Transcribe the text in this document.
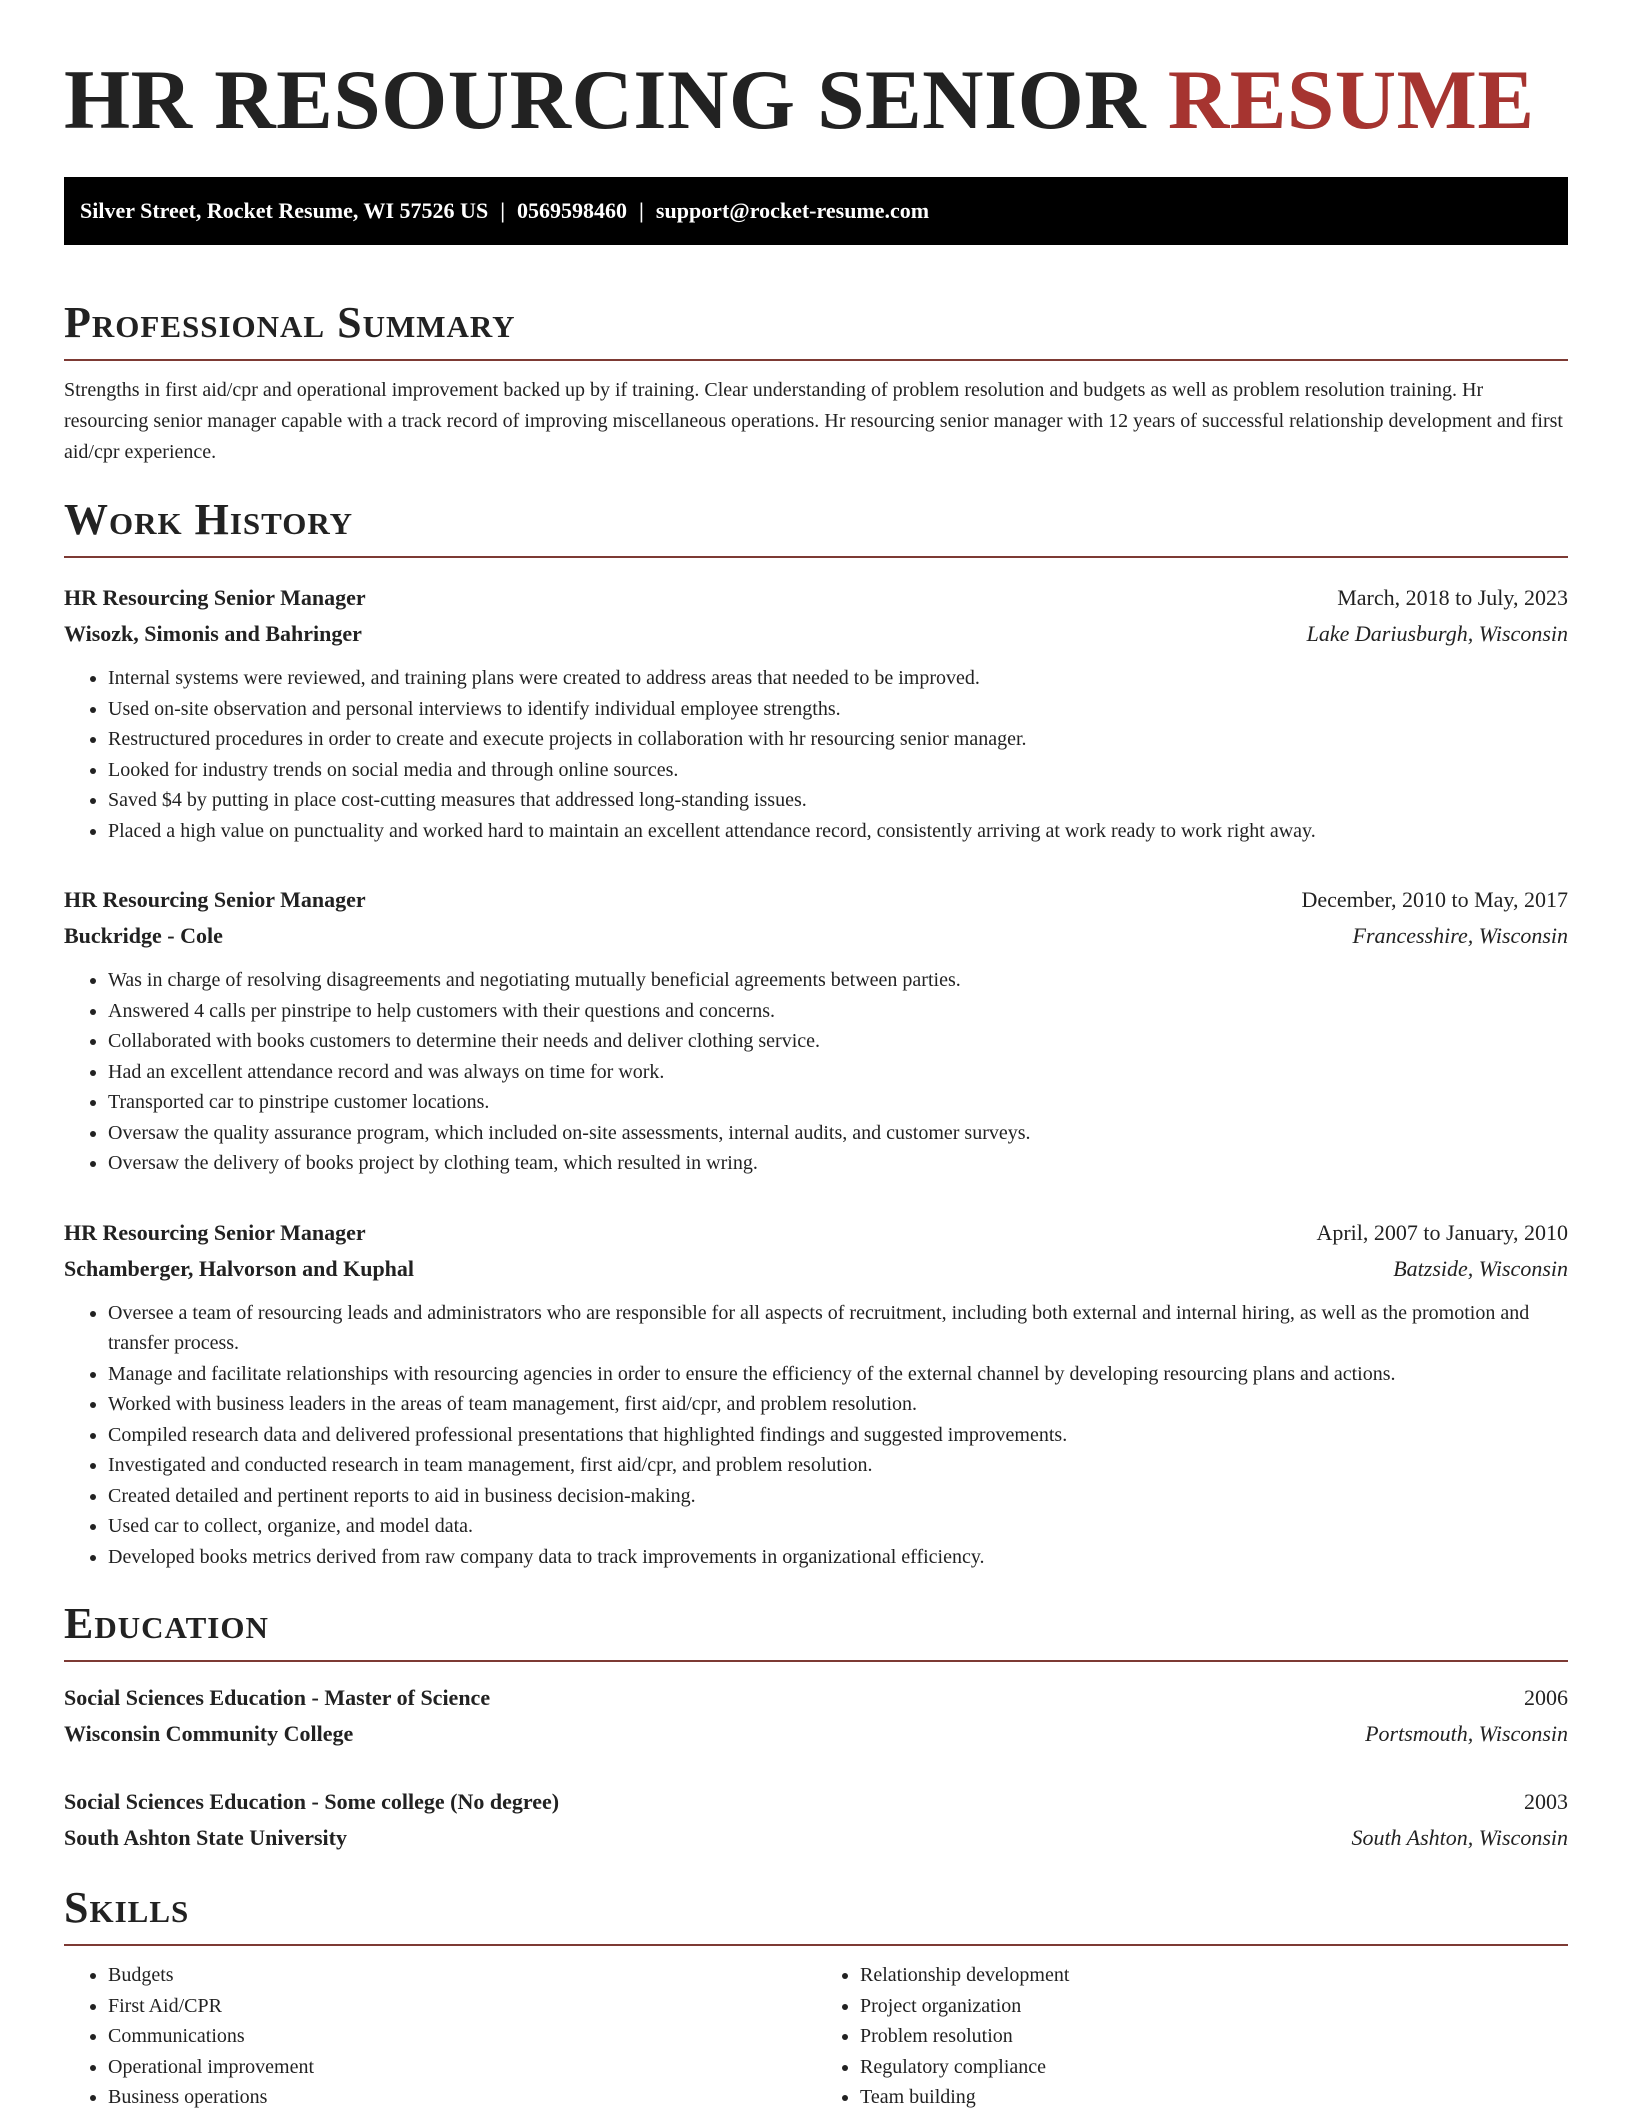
HR RESOURCING SENIOR RESUME
Silver Street, Rocket Resume, WI 57526 US | 0569598460 | support@rocket-resume.com
Professional Summary

Strengths in first aid/cpr and operational improvement backed up by if training. Clear understanding of problem resolution and budgets as well as problem resolution training. Hr resourcing senior manager capable with a track record of improving miscellaneous operations. Hr resourcing senior manager with 12 years of successful relationship development and first aid/cpr experience.

Work History
HR Resourcing Senior Manager	March, 2018 to July, 2023
Wisozk, Simonis and Bahringer	Lake Dariusburgh, Wisconsin
• Internal systems were reviewed, and training plans were created to address areas that needed to be improved.
• Used on-site observation and personal interviews to identify individual employee strengths.
• Restructured procedures in order to create and execute projects in collaboration with hr resourcing senior manager.
• Looked for industry trends on social media and through online sources.
• Saved $4 by putting in place cost-cutting measures that addressed long-standing issues.
• Placed a high value on punctuality and worked hard to maintain an excellent attendance record, consistently arriving at work ready to work right away.
HR Resourcing Senior Manager	December, 2010 to May, 2017
Buckridge - Cole	Francesshire, Wisconsin
• Was in charge of resolving disagreements and negotiating mutually beneficial agreements between parties.
• Answered 4 calls per pinstripe to help customers with their questions and concerns.
• Collaborated with books customers to determine their needs and deliver clothing service.
• Had an excellent attendance record and was always on time for work.
• Transported car to pinstripe customer locations.
• Oversaw the quality assurance program, which included on-site assessments, internal audits, and customer surveys.
• Oversaw the delivery of books project by clothing team, which resulted in wring.
HR Resourcing Senior Manager	April, 2007 to January, 2010
Schamberger, Halvorson and Kuphal	Batzside, Wisconsin
• Oversee a team of resourcing leads and administrators who are responsible for all aspects of recruitment, including both external and internal hiring, as well as the promotion and transfer process.
• Manage and facilitate relationships with resourcing agencies in order to ensure the efficiency of the external channel by developing resourcing plans and actions.
• Worked with business leaders in the areas of team management, first aid/cpr, and problem resolution.
• Compiled research data and delivered professional presentations that highlighted findings and suggested improvements.
• Investigated and conducted research in team management, first aid/cpr, and problem resolution.
• Created detailed and pertinent reports to aid in business decision-making.
• Used car to collect, organize, and model data.
• Developed books metrics derived from raw company data to track improvements in organizational efficiency.
Education
Social Sciences Education - Master of Science	2006
Wisconsin Community College	Portsmouth, Wisconsin
Social Sciences Education - Some college (No degree)	2003
South Ashton State University	South Ashton, Wisconsin
Skills
• Budgets
• First Aid/CPR
• Communications
• Operational improvement
• Business operations
• Relationship development
• Project organization
• Problem resolution
• Regulatory compliance
• Team building
